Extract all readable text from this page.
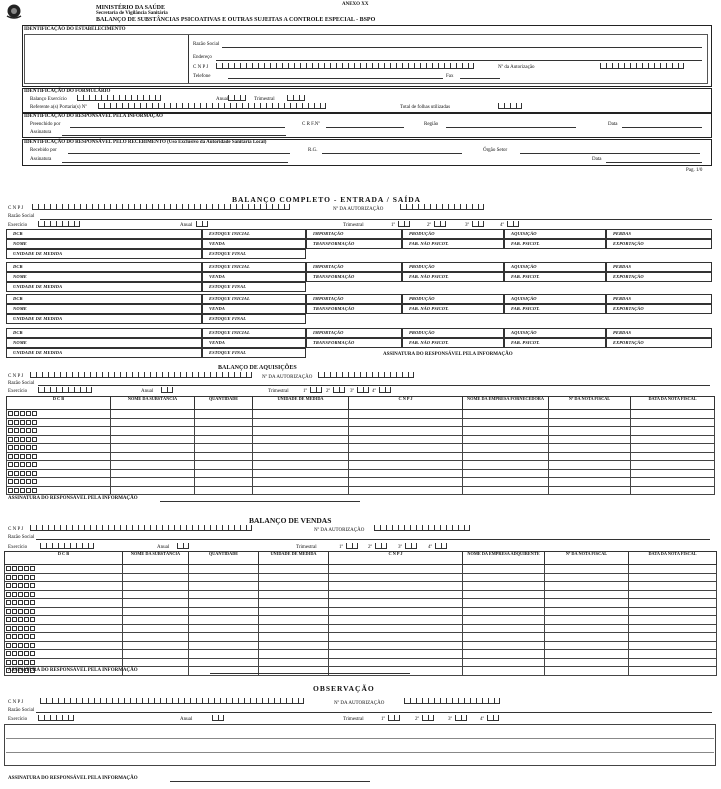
ANEXO XX
MINISTÉRIO DA SAÚDE
Secretaria de Vigilância Sanitária
BALANÇO DE SUBSTÂNCIAS PSICOATIVAS E OUTRAS SUJEITAS A CONTROLE ESPECIAL - BSPO
IDENTIFICAÇÃO DO ESTABELECIMENTO
Razão Social
Endereço
C N P J	Nº da Autorização
Telefone	Fax
IDENTIFICAÇÃO DO FORMULÁRIO
Balanço Exercício	Anual	Trimestral
Referente a(s) Portaria(s) Nº	Total de folhas utilizadas
IDENTIFICAÇÃO DO RESPONSÁVEL PELA INFORMAÇÃO
Preenchido por	C R F.Nº	Região	Data
Assinatura
IDENTIFICAÇÃO DO RESPONSÁVEL PELO RECEBIMENTO (Uso Exclusivo da Autoridade Sanitária Local)
Recebido por	R.G.	Órgão Setor
Assinatura	Data
Pag. 1/0
BALANÇO COMPLETO - ENTRADA / SAÍDA
C N P J	Nº DA AUTORIZAÇÃO
Razão Social
Exercício	Anual	Trimestral	1º	2º	3º	4º
DCB	ESTOQUE INICIAL	IMPORTAÇÃO	PRODUÇÃO	AQUISIÇÃO	PERDAS
NOME	VENDA	TRANSFORMAÇÃO	FAB. NÃO PSICOT.	FAB. PSICOT.	EXPORTAÇÃO
UNIDADE DE MEDIDA	ESTOQUE FINAL
DCB	ESTOQUE INICIAL	IMPORTAÇÃO	PRODUÇÃO	AQUISIÇÃO	PERDAS
NOME	VENDA	TRANSFORMAÇÃO	FAB. NÃO PSICOT.	FAB. PSICOT.	EXPORTAÇÃO
UNIDADE DE MEDIDA	ESTOQUE FINAL
DCB	ESTOQUE INICIAL	IMPORTAÇÃO	PRODUÇÃO	AQUISIÇÃO	PERDAS
NOME	VENDA	TRANSFORMAÇÃO	FAB. NÃO PSICOT.	FAB. PSICOT.	EXPORTAÇÃO
UNIDADE DE MEDIDA	ESTOQUE FINAL
DCB	ESTOQUE INICIAL	IMPORTAÇÃO	PRODUÇÃO	AQUISIÇÃO	PERDAS
NOME	VENDA	TRANSFORMAÇÃO	FAB. NÃO PSICOT.	FAB. PSICOT.	EXPORTAÇÃO
UNIDADE DE MEDIDA	ESTOQUE FINAL	ASSINATURA DO RESPONSÁVEL PELA INFORMAÇÃO
BALANÇO DE AQUISIÇÕES
C N P J	Nº DA AUTORIZAÇÃO
Razão Social
Exercício	Anual	Trimestral	1º	2º	3º	4º
D C B	NOME DA SUBSTÂNCIA	QUANTIDADE	UNIDADE DE MEDIDA	C N P J	NOME DA EMPRESA FORNECEDORA	Nº DA NOTA FISCAL	DATA DA NOTA FISCAL

ASSINATURA DO RESPONSÁVEL PELA INFORMAÇÃO
BALANÇO DE VENDAS
C N P J	Nº DA AUTORIZAÇÃO
Razão Social
Exercício	Anual	Trimestral	1º	2º	3º	4º
D C B	NOME DA SUBSTÂNCIA	QUANTIDADE	UNIDADE DE MEDIDA	C N P J	NOME DA EMPRESA ADQUIRENTE	Nº DA NOTA FISCAL	DATA DA NOTA FISCAL

ASSINATURA DO RESPONSÁVEL PELA INFORMAÇÃO
OBSERVAÇÃO
C N P J	Nº DA AUTORIZAÇÃO
Razão Social
Exercício	Anual	Trimestral	1º	2º	3º	4º
ASSINATURA DO RESPONSÁVEL PELA INFORMAÇÃO
